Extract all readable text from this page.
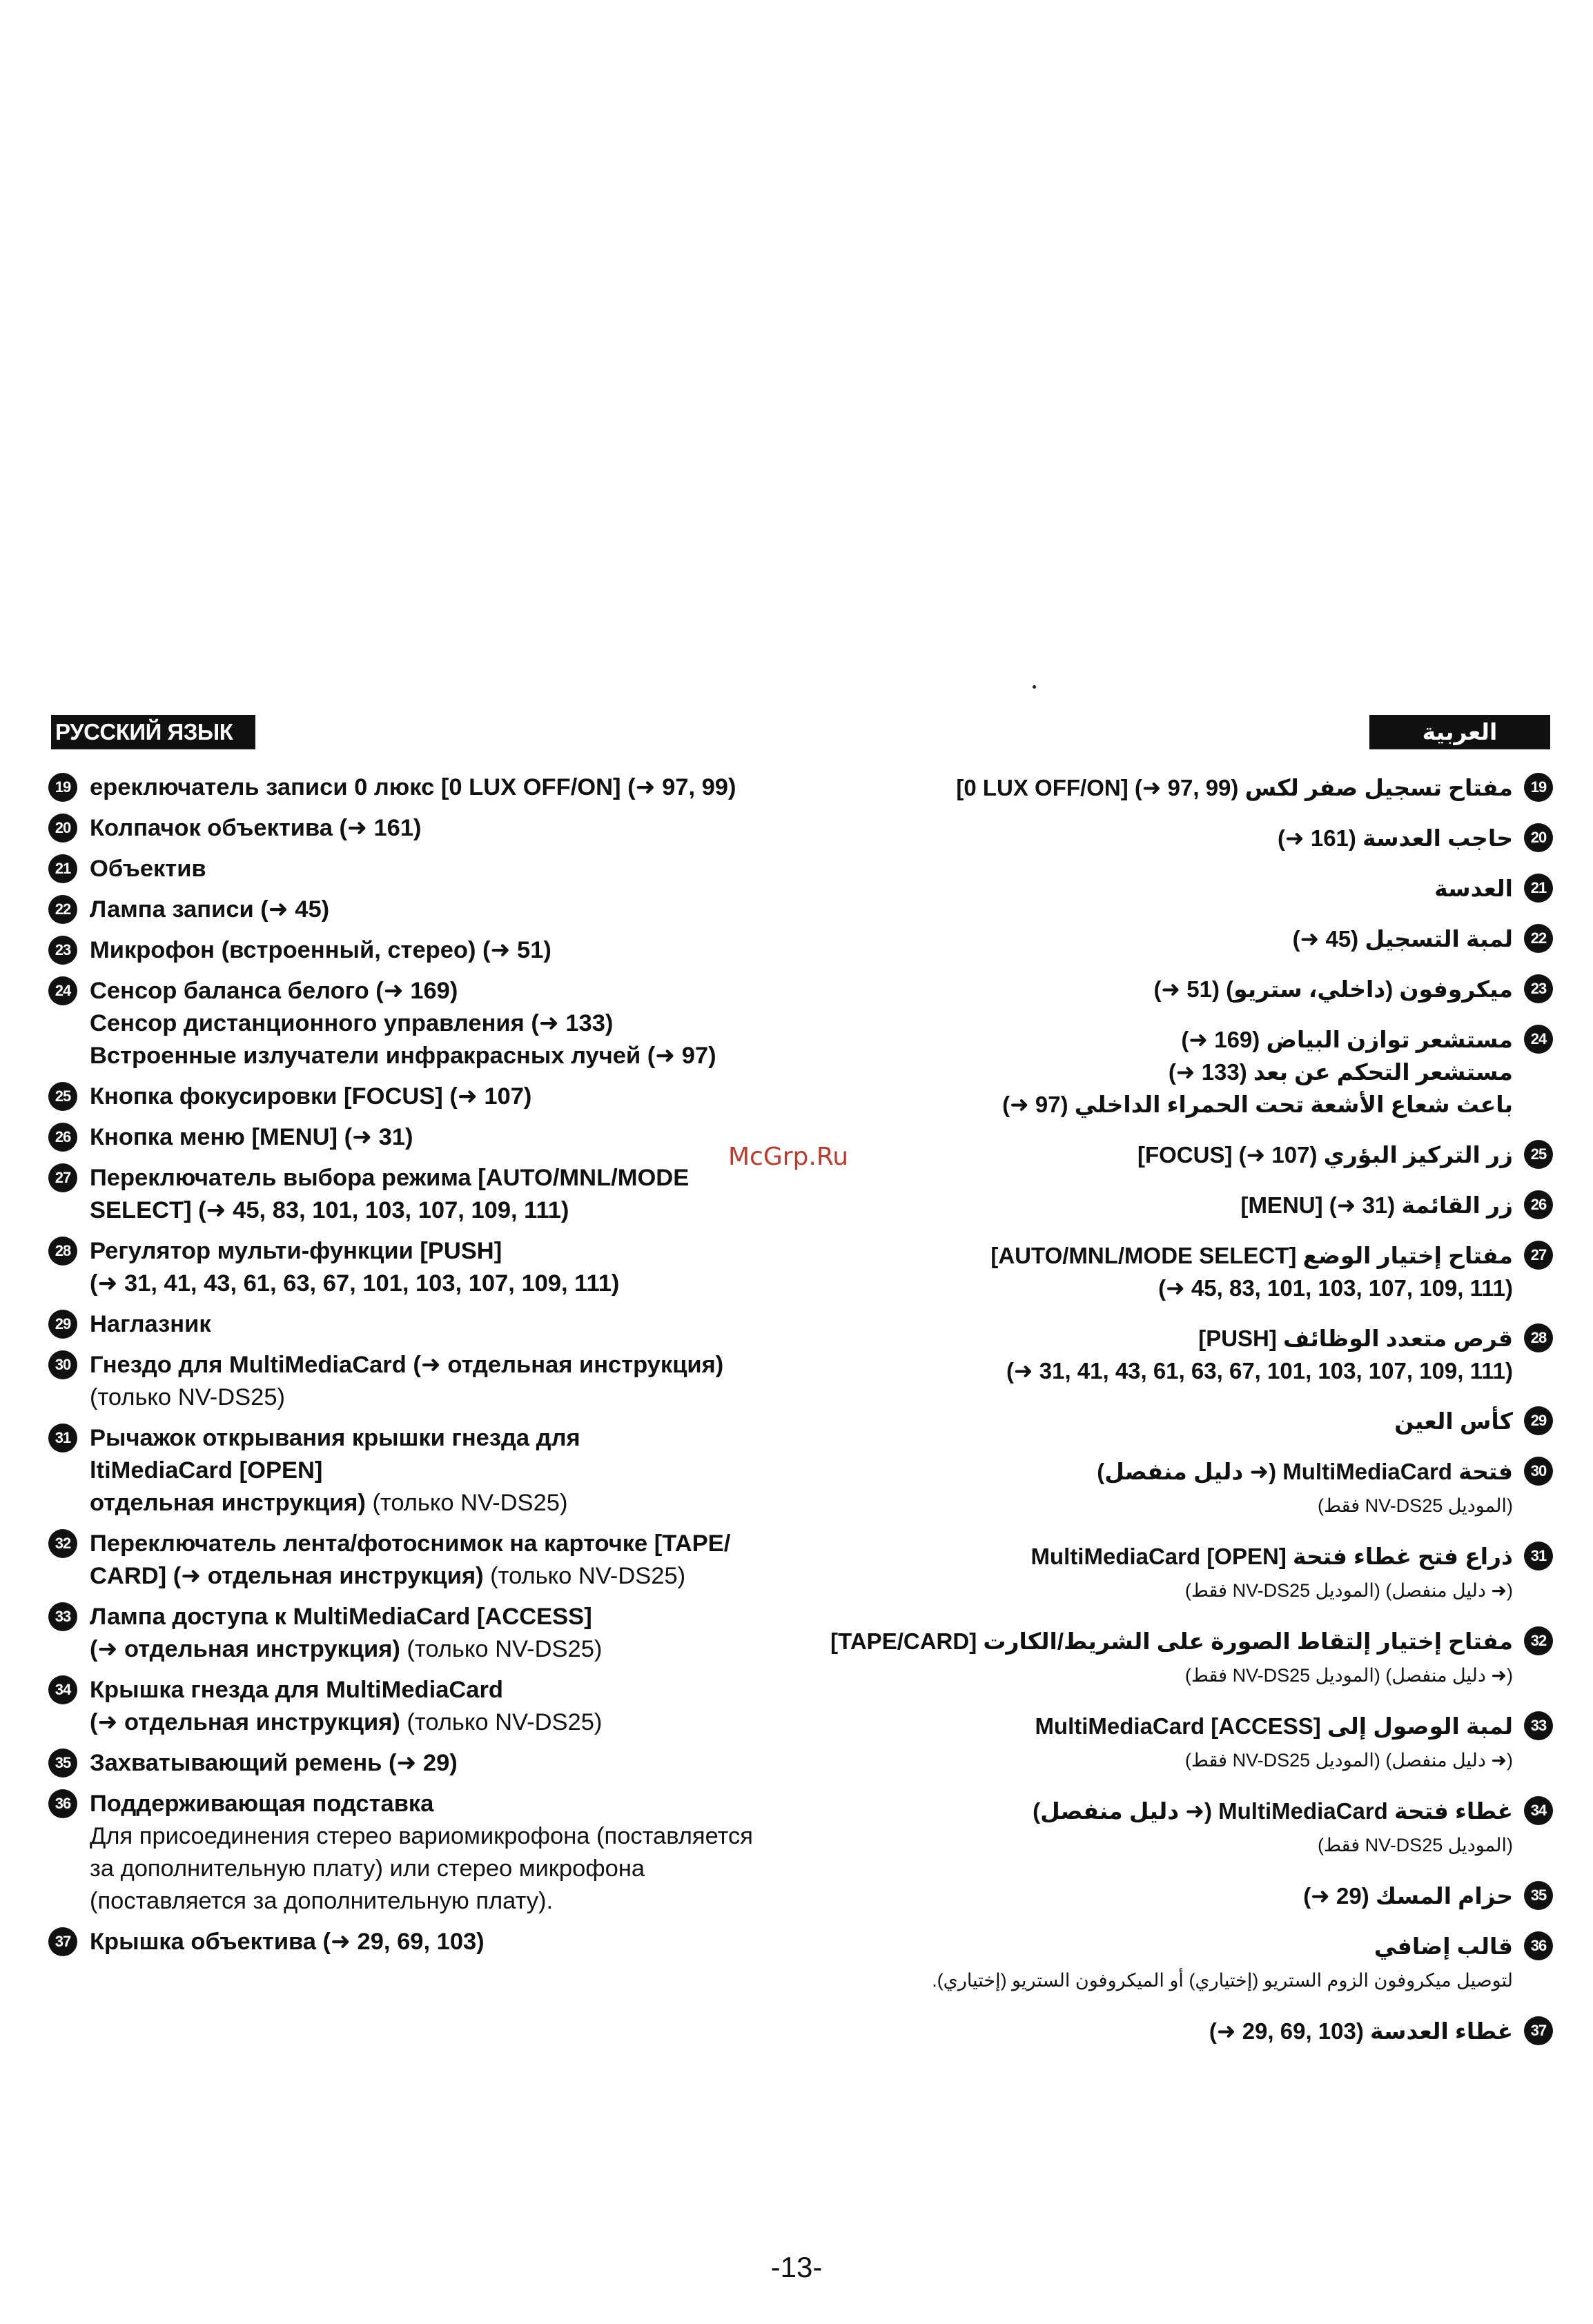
РУССКИЙ ЯЗЫК	العربية
19 ереключатель записи 0 люкс [0 LUX OFF/ON] (➜ 97, 99)
20 Колпачок объектива (➜ 161)
21 Объектив
22 Лампа записи (➜ 45)
23 Микрофон (встроенный, стерео) (➜ 51)
24 Сенсор баланса белого (➜ 169)
Сенсор дистанционного управления (➜ 133)
Встроенные излучатели инфракрасных лучей (➜ 97)
25 Кнопка фокусировки [FOCUS] (➜ 107)
26 Кнопка меню [MENU] (➜ 31)
27 Переключатель выбора режима [AUTO/MNL/MODE
SELECT] (➜ 45, 83, 101, 103, 107, 109, 111)
28 Регулятор мульти-функции [PUSH]
(➜ 31, 41, 43, 61, 63, 67, 101, 103, 107, 109, 111)
29 Наглазник
30 Гнездо для MultiMediaCard (➜ отдельная инструкция)
(только NV-DS25)
31 Рычажок открывания крышки гнезда для
ltiMediaCard [OPEN]
отдельная инструкция) (только NV-DS25)
32 Переключатель лента/фотоснимок на карточке [TAPE/
CARD] (➜ отдельная инструкция) (только NV-DS25)
33 Лампа доступа к MultiMediaCard [ACCESS]
(➜ отдельная инструкция) (только NV-DS25)
34 Крышка гнезда для MultiMediaCard
(➜ отдельная инструкция) (только NV-DS25)
35 Захватывающий ремень (➜ 29)
36 Поддерживающая подставка
Для присоединения стерео вариомикрофона (поставляется
за дополнительную плату) или стерео микрофона
(поставляется за дополнительную плату).
37 Крышка объектива (➜ 29, 69, 103)
19
مفتاح تسجيل صفر لكس [0 LUX OFF/ON] (➜ 97, 99)
20
حاجب العدسة (➜ 161)
21
العدسة
22
لمبة التسجيل (➜ 45)
23
ميكروفون (داخلي، ستريو) (➜ 51)
24
مستشعر توازن البياض (➜ 169)
مستشعر التحكم عن بعد (➜ 133)
باعث شعاع الأشعة تحت الحمراء الداخلي (➜ 97)
25
زر التركيز البؤري [FOCUS] (➜ 107)
26
زر القائمة [MENU] (➜ 31)
27
مفتاح إختيار الوضع [AUTO/MNL/MODE SELECT]
(➜ 45, 83, 101, 103, 107, 109, 111)
28
قرص متعدد الوظائف [PUSH]
(➜ 31, 41, 43, 61, 63, 67, 101, 103, 107, 109, 111)
29
كأس العين
30
فتحة MultiMediaCard (➜ دليل منفصل)
(الموديل NV-DS25 فقط)
31
ذراع فتح غطاء فتحة MultiMediaCard [OPEN]
(➜ دليل منفصل) (الموديل NV-DS25 فقط)
32
مفتاح إختيار إلتقاط الصورة على الشريط/الكارت [TAPE/CARD]
(➜ دليل منفصل) (الموديل NV-DS25 فقط)
33
لمبة الوصول إلى MultiMediaCard [ACCESS]
(➜ دليل منفصل) (الموديل NV-DS25 فقط)
34
غطاء فتحة MultiMediaCard (➜ دليل منفصل)
(الموديل NV-DS25 فقط)
35
حزام المسك (➜ 29)
36
قالب إضافي
لتوصيل ميكروفون الزوم الستريو (إختياري) أو الميكروفون الستريو (إختياري).
37
غطاء العدسة (➜ 29, 69, 103)
McGrp.Ru
-13-
